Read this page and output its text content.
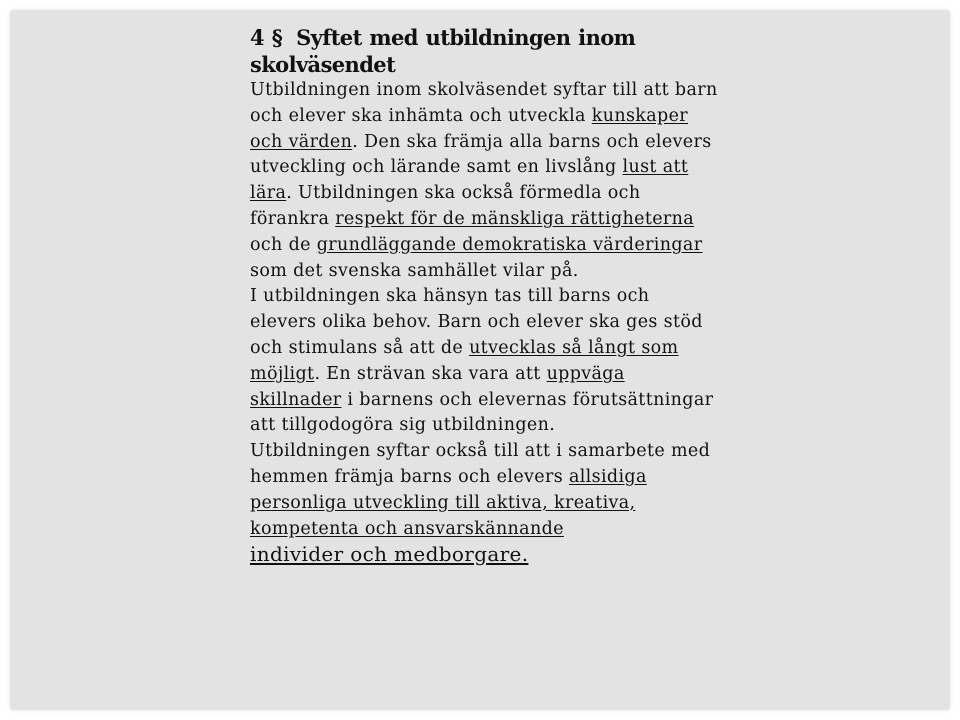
4 § Syftet med utbildningen inom skolväsendet

Utbildningen inom skolväsendet syftar till att barn och elever ska inhämta och utveckla kunskaper och värden. Den ska främja alla barns och elevers utveckling och lärande samt en livslång lust att lära. Utbildningen ska också förmedla och förankra respekt för de mänskliga rättigheterna och de grundläggande demokratiska värderingar som det svenska samhället vilar på.

I utbildningen ska hänsyn tas till barns och elevers olika behov. Barn och elever ska ges stöd och stimulans så att de utvecklas så långt som möjligt. En strävan ska vara att uppväga skillnader i barnens och elevernas förutsättningar att tillgodogöra sig utbildningen.

Utbildningen syftar också till att i samarbete med hemmen främja barns och elevers allsidiga personliga utveckling till aktiva, kreativa, kompetenta och ansvarskännande
individer och medborgare.
